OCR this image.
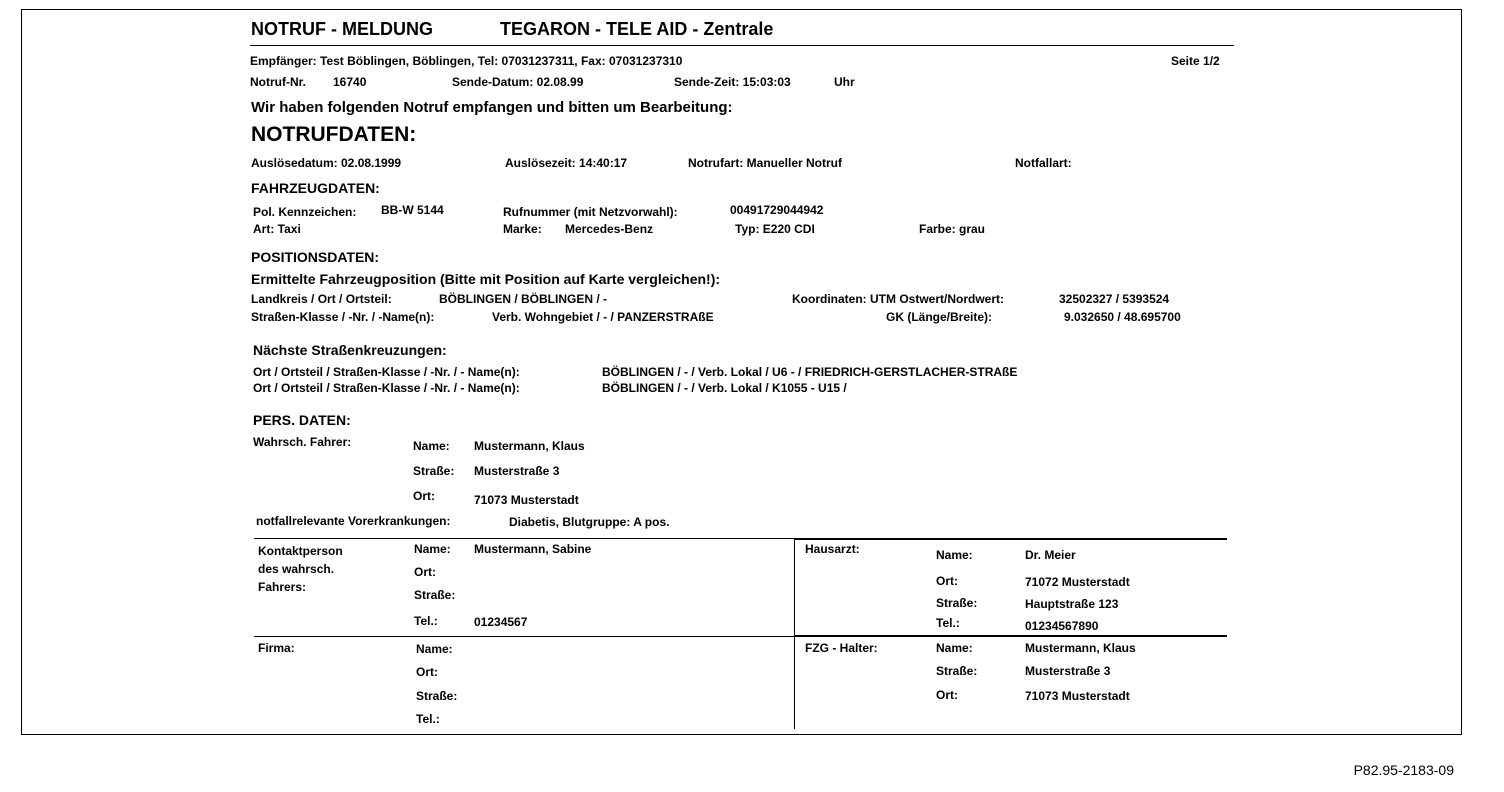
NOTRUF - MELDUNG	TEGARON - TELE AID - Zentrale
Empfänger: Test Böblingen, Böblingen, Tel: 07031237311, Fax: 07031237310	Seite 1/2
Notruf-Nr. 16740	Sende-Datum: 02.08.99	Sende-Zeit: 15:03:03	Uhr
Wir haben folgenden Notruf empfangen und bitten um Bearbeitung:
NOTRUFDATEN:
Auslösedatum: 02.08.1999	Auslösezeit: 14:40:17	Notrufart: Manueller Notruf	Notfallart:
FAHRZEUGDATEN:
Pol. Kennzeichen: BB-W 5144
Art: Taxi
Rufnummer (mit Netzvorwahl):	00491729044942
Marke: Mercedes-Benz	Typ: E220 CDI	Farbe: grau
POSITIONSDATEN:
Ermittelte Fahrzeugposition (Bitte mit Position auf Karte vergleichen!):
Landkreis / Ort / Ortsteil:	BÖBLINGEN / BÖBLINGEN / -
Straßen-Klasse / -Nr. / -Name(n):	Verb. Wohngebiet / - / PANZERSTRAßE
Koordinaten: UTM Ostwert/Nordwert:	32502327 / 5393524
GK (Länge/Breite):	9.032650 / 48.695700
Nächste Straßenkreuzungen:
Ort / Ortsteil / Straßen-Klasse / -Nr. / - Name(n):	BÖBLINGEN / - / Verb. Lokal / U6 - / FRIEDRICH-GERSTLACHER-STRAßE
Ort / Ortsteil / Straßen-Klasse / -Nr. / - Name(n):	BÖBLINGEN / - / Verb. Lokal / K1055 - U15 /
PERS. DATEN:
Wahrsch. Fahrer:	Name: Mustermann, Klaus
Straße: Musterstraße 3
Ort:	71073 Musterstadt
notfallrelevante Vorerkrankungen:	Diabetis, Blutgruppe: A pos.
Kontaktperson
des wahrsch.
Fahrers:
Name: Mustermann, Sabine
Ort:
Straße:
Tel.:	01234567
Hausarzt:	Name:	Dr. Meier
Ort:	71072 Musterstadt
Straße:	Hauptstraße 123
Tel.:	01234567890
Firma:	Name:
Ort:
Straße:
Tel.:
FZG - Halter:	Name:	Mustermann, Klaus
Straße:	Musterstraße 3
Ort:	71073 Musterstadt
P82.95-2183-09
